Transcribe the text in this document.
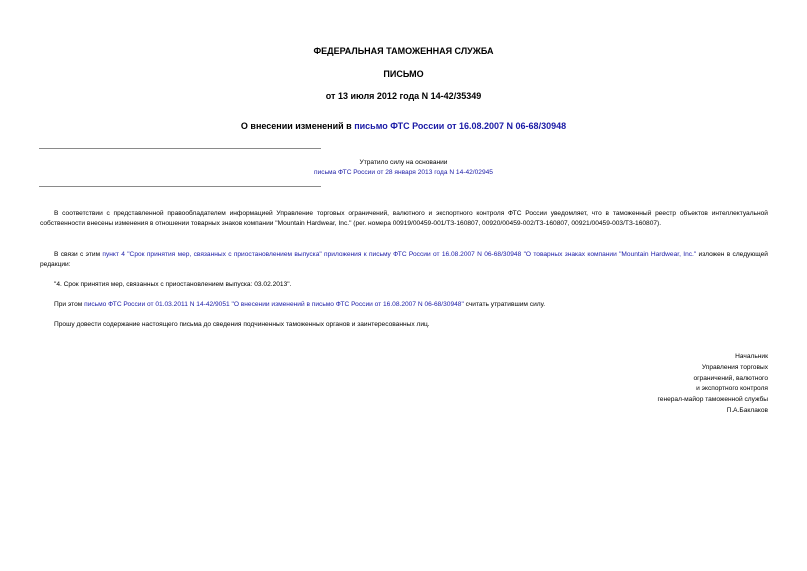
ФЕДЕРАЛЬНАЯ ТАМОЖЕННАЯ СЛУЖБА
ПИСЬМО
от 13 июля 2012 года N 14-42/35349
О внесении изменений в письмо ФТС России от 16.08.2007 N 06-68/30948
Утратило силу на основании
письма ФТС России от 28 января 2013 года N 14-42/02945
В соответствии с представленной правообладателем информацией Управление торговых ограничений, валютного и экспортного контроля ФТС России уведомляет, что в таможенный реестр объектов интеллектуальной собственности внесены изменения в отношении товарных знаков компании "Mountain Hardwear, Inc." (рег. номера 00919/00459-001/ТЗ-160807, 00920/00459-002/ТЗ-160807, 00921/00459-003/ТЗ-160807).
В связи с этим пункт 4 "Срок принятия мер, связанных с приостановлением выпуска" приложения к письму ФТС России от 16.08.2007 N 06-68/30948 "О товарных знаках компании "Mountain Hardwear, Inc." изложен в следующей редакции:
"4. Срок принятия мер, связанных с приостановлением выпуска: 03.02.2013".
При этом письмо ФТС России от 01.03.2011 N 14-42/9051 "О внесении изменений в письмо ФТС России от 16.08.2007 N 06-68/30948" считать утратившим силу.
Прошу довести содержание настоящего письма до сведения подчиненных таможенных органов и заинтересованных лиц.
Начальник
Управления торговых
ограничений, валютного
и экспортного контроля
генерал-майор таможенной службы
П.А.Баклаков
